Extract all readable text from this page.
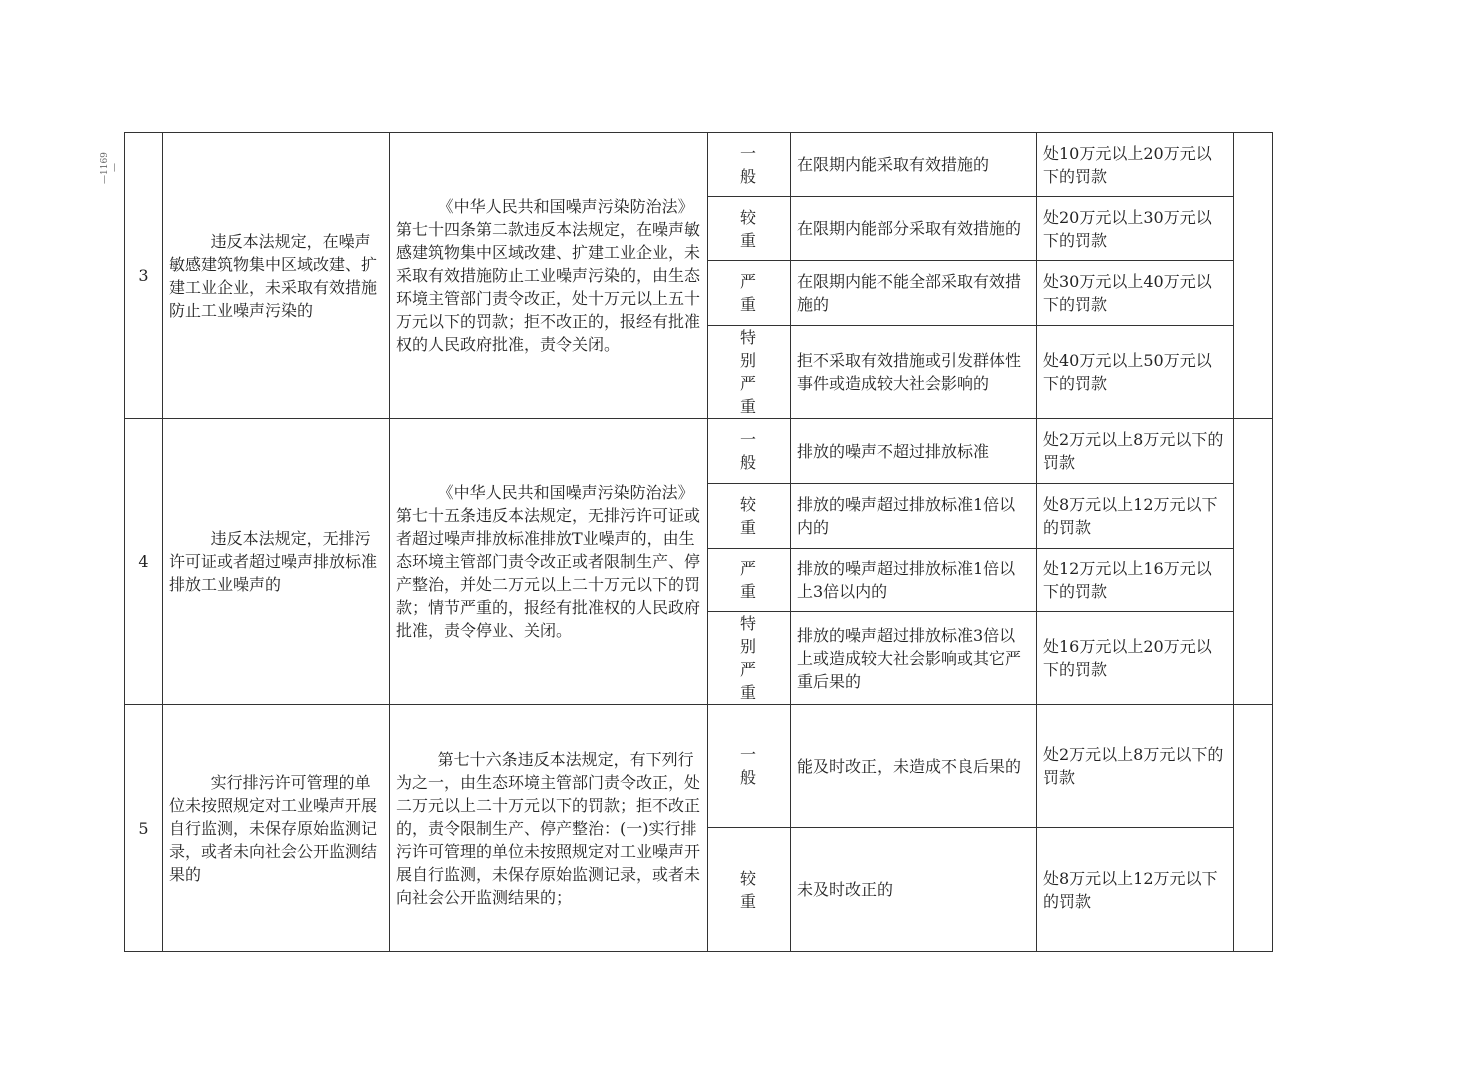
—1169—
3	违反本法规定，在噪声敏感建筑物集中区域改建、扩建工业企业，未采取有效措施防止工业噪声污染的	《中华人民共和国噪声污染防治法》第七十四条第二款违反本法规定，在噪声敏感建筑物集中区域改建、扩建工业企业，未采取有效措施防止工业噪声污染的，由生态环境主管部门责令改正，处十万元以上五十万元以下的罚款；拒不改正的，报经有批准权的人民政府批准，责令关闭。	一般	在限期内能采取有效措施的	处10万元以上20万元以下的罚款	
			较重	在限期内能部分采取有效措施的	处20万元以上30万元以下的罚款	
			严重	在限期内能不能全部采取有效措施的	处30万元以上40万元以下的罚款	
			特别严重	拒不采取有效措施或引发群体性事件或造成较大社会影响的	处40万元以上50万元以下的罚款	
4	违反本法规定，无排污许可证或者超过噪声排放标准排放工业噪声的	《中华人民共和国噪声污染防治法》第七十五条违反本法规定，无排污许可证或者超过噪声排放标准排放T业噪声的，由生态环境主管部门责令改正或者限制生产、停产整治，并处二万元以上二十万元以下的罚款；情节严重的，报经有批准权的人民政府批准，责令停业、关闭。	一般	排放的噪声不超过排放标准	处2万元以上8万元以下的罚款	
			较重	排放的噪声超过排放标准1倍以内的	处8万元以上12万元以下的罚款	
			严重	排放的噪声超过排放标准1倍以上3倍以内的	处12万元以上16万元以下的罚款	
			特别严重	排放的噪声超过排放标准3倍以上或造成较大社会影响或其它严重后果的	处16万元以上20万元以下的罚款	
5	实行排污许可管理的单位未按照规定对工业噪声开展自行监测，未保存原始监测记录，或者未向社会公开监测结果的	第七十六条违反本法规定，有下列行为之一，由生态环境主管部门责令改正，处二万元以上二十万元以下的罚款；拒不改正的，责令限制生产、停产整治：(一)实行排污许可管理的单位未按照规定对工业噪声开展自行监测，未保存原始监测记录，或者未向社会公开监测结果的；	一般	能及时改正，未造成不良后果的	处2万元以上8万元以下的罚款	
			较重	未及时改正的	处8万元以上12万元以下的罚款	
